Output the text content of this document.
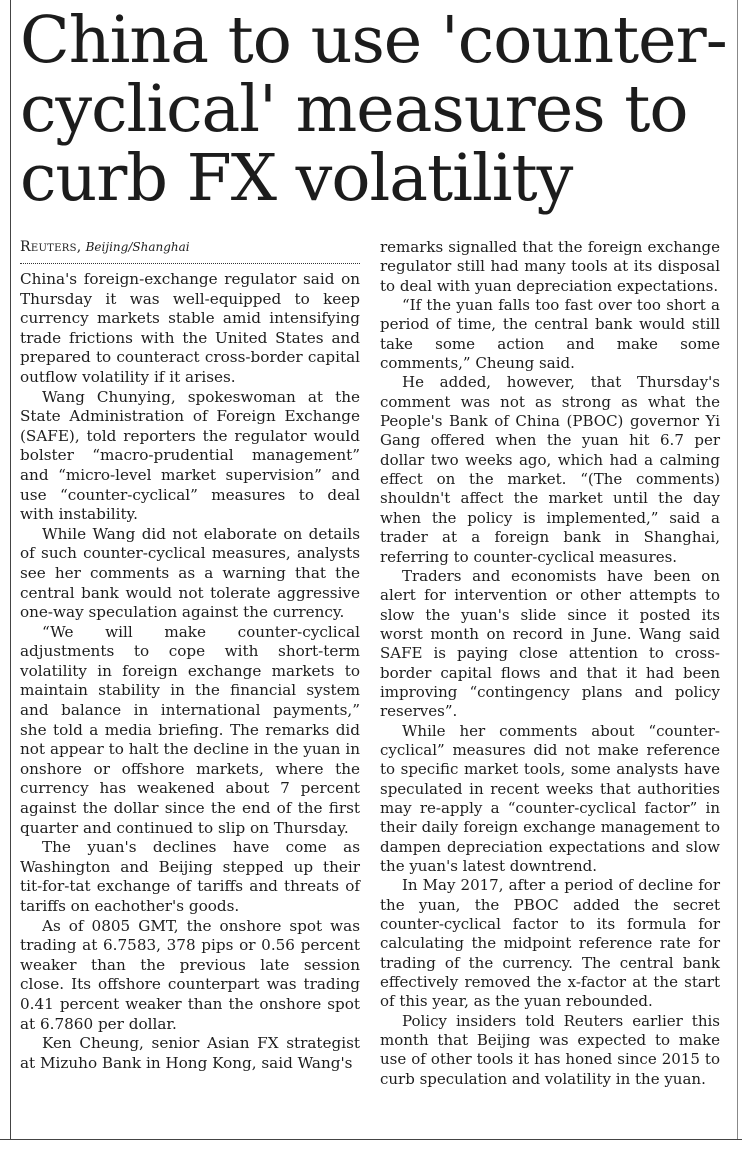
China to use 'counter-cyclical' measures to curb FX volatility
Reuters, Beijing/Shanghai

China's foreign-exchange regulator said on Thursday it was well-equipped to keep currency markets stable amid intensifying trade frictions with the United States and prepared to counteract cross-border capital outflow volatility if it arises.

Wang Chunying, spokeswoman at the State Administration of Foreign Exchange (SAFE), told reporters the regulator would bolster “macro-prudential management” and “micro-level market supervision” and use “counter-cyclical” measures to deal with instability.

While Wang did not elaborate on details of such counter-cyclical measures, analysts see her comments as a warning that the central bank would not tolerate aggressive one-way speculation against the currency.

“We will make counter-cyclical adjustments to cope with short-term volatility in foreign exchange markets to maintain stability in the financial system and balance in international payments,” she told a media briefing. The remarks did not appear to halt the decline in the yuan in onshore or offshore markets, where the currency has weakened about 7 percent against the dollar since the end of the first quarter and continued to slip on Thursday.

The yuan's declines have come as Washington and Beijing stepped up their tit-for-tat exchange of tariffs and threats of tariffs on eachother's goods.

As of 0805 GMT, the onshore spot was trading at 6.7583, 378 pips or 0.56 percent weaker than the previous late session close. Its offshore counterpart was trading 0.41 percent weaker than the onshore spot at 6.7860 per dollar.

Ken Cheung, senior Asian FX strategist at Mizuho Bank in Hong Kong, said Wang's

remarks signalled that the foreign exchange regulator still had many tools at its disposal to deal with yuan depreciation expectations.

“If the yuan falls too fast over too short a period of time, the central bank would still take some action and make some comments,” Cheung said.

He added, however, that Thursday's comment was not as strong as what the People's Bank of China (PBOC) governor Yi Gang offered when the yuan hit 6.7 per dollar two weeks ago, which had a calming effect on the market. “(The comments) shouldn't affect the market until the day when the policy is implemented,” said a trader at a foreign bank in Shanghai, referring to counter-cyclical measures.

Traders and economists have been on alert for intervention or other attempts to slow the yuan's slide since it posted its worst month on record in June. Wang said SAFE is paying close attention to cross-border capital flows and that it had been improving “contingency plans and policy reserves”.

While her comments about “counter-cyclical” measures did not make reference to specific market tools, some analysts have speculated in recent weeks that authorities may re-apply a “counter-cyclical factor” in their daily foreign exchange management to dampen depreciation expectations and slow the yuan's latest downtrend.

In May 2017, after a period of decline for the yuan, the PBOC added the secret counter-cyclical factor to its formula for calculating the midpoint reference rate for trading of the currency. The central bank effectively removed the x-factor at the start of this year, as the yuan rebounded.

Policy insiders told Reuters earlier this month that Beijing was expected to make use of other tools it has honed since 2015 to curb speculation and volatility in the yuan.
